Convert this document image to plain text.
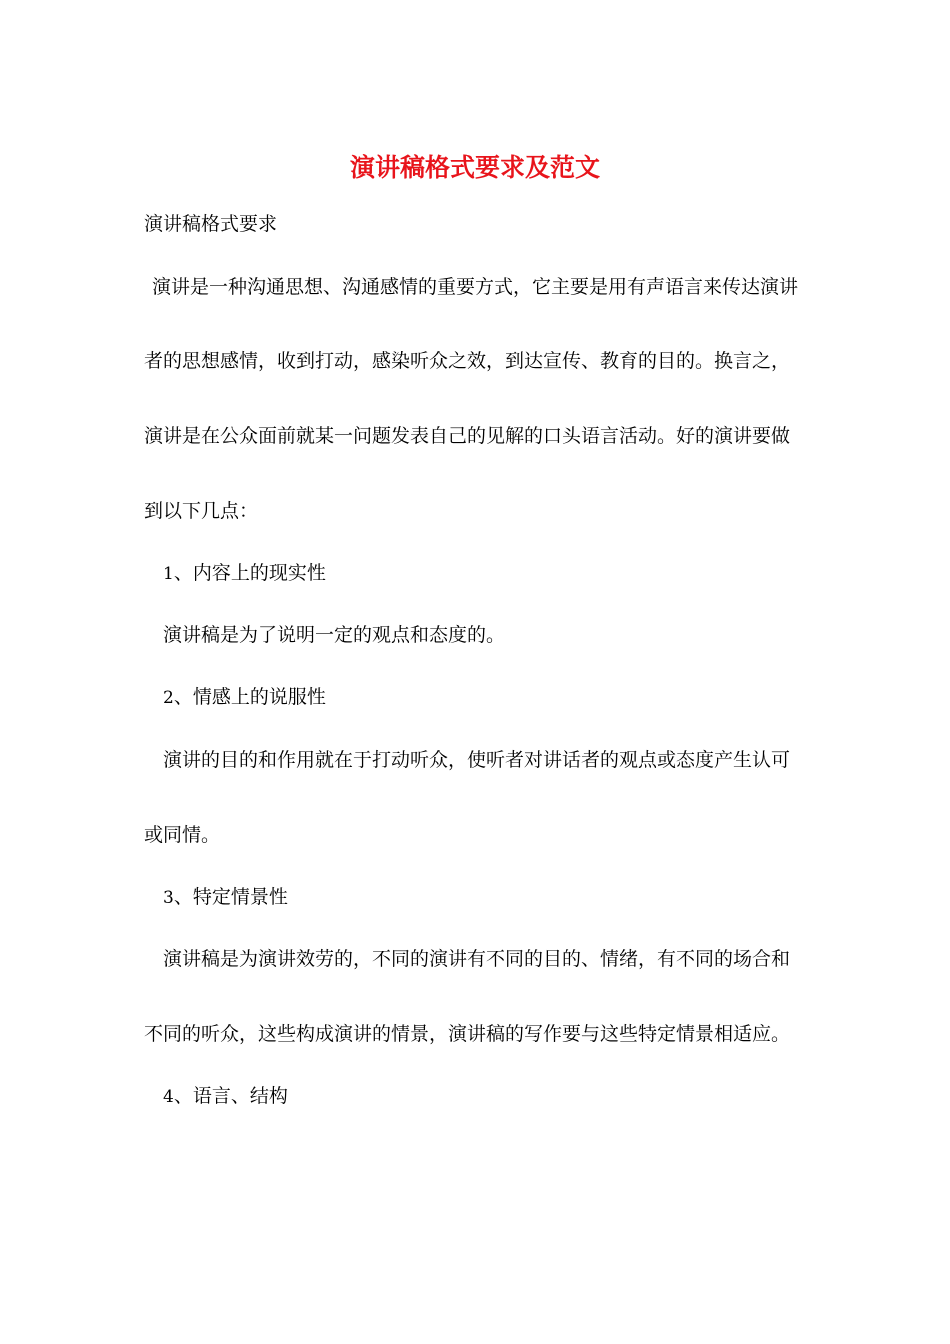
演讲稿格式要求及范文
演讲稿格式要求
演讲是一种沟通思想、沟通感情的重要方式，它主要是用有声语言来传达演讲
者的思想感情，收到打动，感染听众之效，到达宣传、教育的目的。换言之，
演讲是在公众面前就某一问题发表自己的见解的口头语言活动。好的演讲要做
到以下几点：
1、内容上的现实性
演讲稿是为了说明一定的观点和态度的。
2、情感上的说服性
演讲的目的和作用就在于打动听众，使听者对讲话者的观点或态度产生认可
或同情。
3、特定情景性
演讲稿是为演讲效劳的，不同的演讲有不同的目的、情绪，有不同的场合和
不同的听众，这些构成演讲的情景，演讲稿的写作要与这些特定情景相适应。
4、语言、结构
